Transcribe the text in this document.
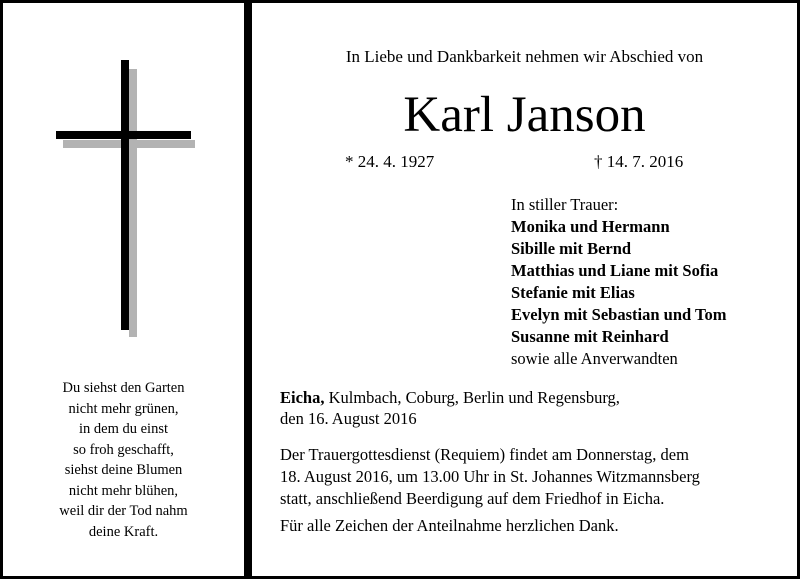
Du siehst den Garten
nicht mehr grünen,
in dem du einst
so froh geschafft,
siehst deine Blumen
nicht mehr blühen,
weil dir der Tod nahm
deine Kraft.
In Liebe und Dankbarkeit nehmen wir Abschied von
Karl Janson
* 24. 4. 1927	† 14. 7. 2016
In stiller Trauer:
Monika und Hermann
Sibille mit Bernd
Matthias und Liane mit Sofia
Stefanie mit Elias
Evelyn mit Sebastian und Tom
Susanne mit Reinhard
sowie alle Anverwandten
Eicha, Kulmbach, Coburg, Berlin und Regensburg,
den 16. August 2016
Der Trauergottesdienst (Requiem) findet am Donnerstag, dem
18. August 2016, um 13.00 Uhr in St. Johannes Witzmannsberg
statt, anschließend Beerdigung auf dem Friedhof in Eicha.
Für alle Zeichen der Anteilnahme herzlichen Dank.
